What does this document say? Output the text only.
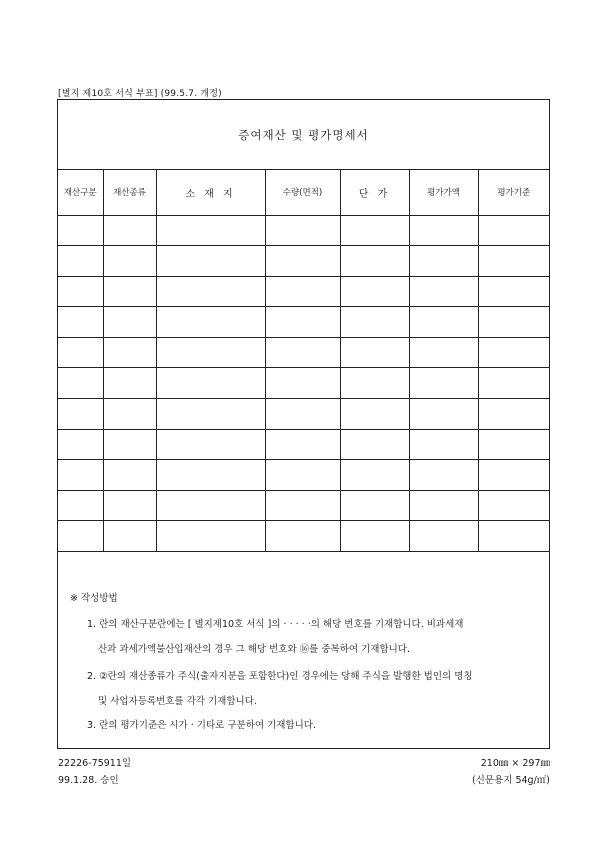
[별지 제10호 서식 부표] (99.5.7. 개정)
증여재산 및 평가명세서
재산구분	재산종류	소 재 지	수량(면적)	단 가	평가가액	평가기준

※ 작성방법
1. 란의 재산구분란에는 [ 별지제10호 서식 ]의 · · · · ·의 해당 번호를 기재합니다. 비과세재
산과 과세가액불산입재산의 경우 그 해당 번호와 ⑯를 중복하여 기재합니다.
2. ②란의 재산종류가 주식(출자지분을 포함한다)인 경우에는 당해 주식을 발행한 법인의 명칭
및 사업자등록번호를 각각 기재합니다.
3. 란의 평가기준은 시가 · 기타로 구분하여 기재합니다.
22226-75911일
99.1.28. 승인
210㎜ × 297㎜
(신문용지 54g/㎡)
